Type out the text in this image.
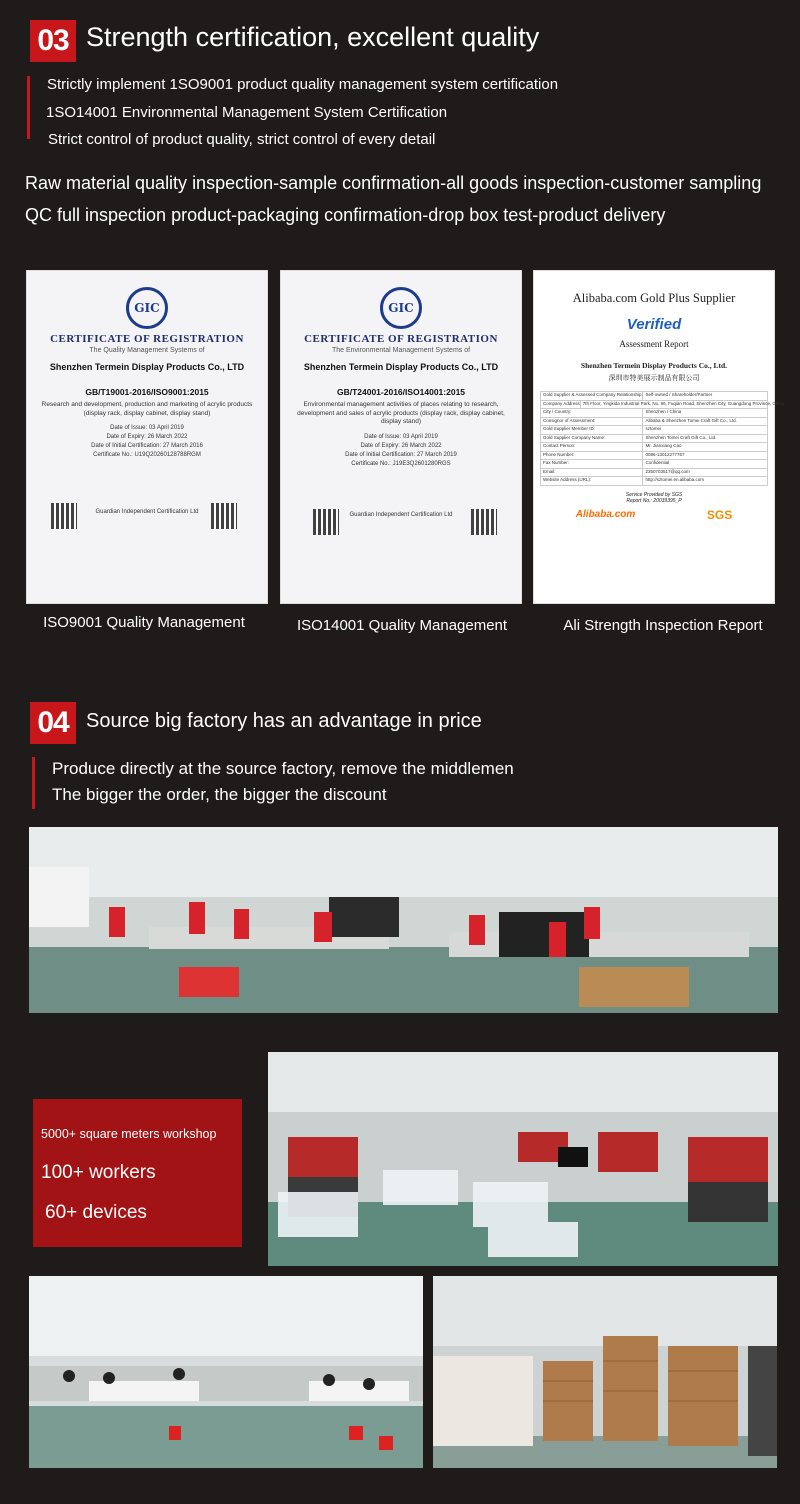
03 Strength certification, excellent quality
Strictly implement 1SO9001 product quality management system certification
1SO14001 Environmental Management System Certification
Strict control of product quality, strict control of every detail
Raw material quality inspection-sample confirmation-all goods inspection-customer sampling
QC full inspection product-packaging confirmation-drop box test-product delivery
GIC
CERTIFICATE OF REGISTRATION
The Quality Management Systems of
Shenzhen Termein Display Products Co., LTD
GB/T19001-2016/ISO9001:2015
Research and development, production and marketing of acrylic products (display rack, display cabinet, display stand)
Date of Issue: 03 April 2019
Date of Expiry: 26 March 2022
Date of Initial Certification: 27 March 2016
Certificate No.: U19Q20260128788RGM
Guardian Independent Certification Ltd
ISO9001 Quality Management
GIC
CERTIFICATE OF REGISTRATION
The Environmental Management Systems of
Shenzhen Termein Display Products Co., LTD
GB/T24001-2016/ISO14001:2015
Environmental management activities of places relating to research, development and sales of acrylic products (display rack, display cabinet, display stand)
Date of Issue: 03 April 2019
Date of Expiry: 26 March 2022
Date of Initial Certification: 27 March 2019
Certificate No.: J19E3Q2601280RGS
Guardian Independent Certification Ltd
ISO14001 Quality Management
Alibaba.com Gold Plus Supplier
Verified
Assessment Report
Shenzhen Termein Display Products Co., Ltd.
深圳市特美展示制品有限公司
Gold Supplier & Assessed Company Relationship: Self-owned / Shareholder/Partner
Company Address 7th Floor, Yingkida Industrial Park, No. 96, Fuqian Road, Shenzhen City, Guangdong Province, China
City / Country:	Shenzhen / China
Consignor of Assessment:	Alibaba & Shenzhen Tomei Craft Gift Co., Ltd.
Gold Supplier Member ID:	sztomei
Gold Supplier Company Name:	Shenzhen Tomei Craft Gift Co., Ltd.
Contact Person:	Mr. Jianxiang Cao
Phone Number:	0086-13012277767
Fax Number:	Confidential
Email:	2350703517@qq.com
Website Address (URL):	http://sztomei.en.alibaba.com
Service Provided by SGS
Report No.: 20039395_P
Alibaba.com	SGS
Ali Strength Inspection Report
04 Source big factory has an advantage in price
Produce directly at the source factory, remove the middlemen
The bigger the order, the bigger the discount
5000+ square meters workshop
100+ workers
60+ devices
